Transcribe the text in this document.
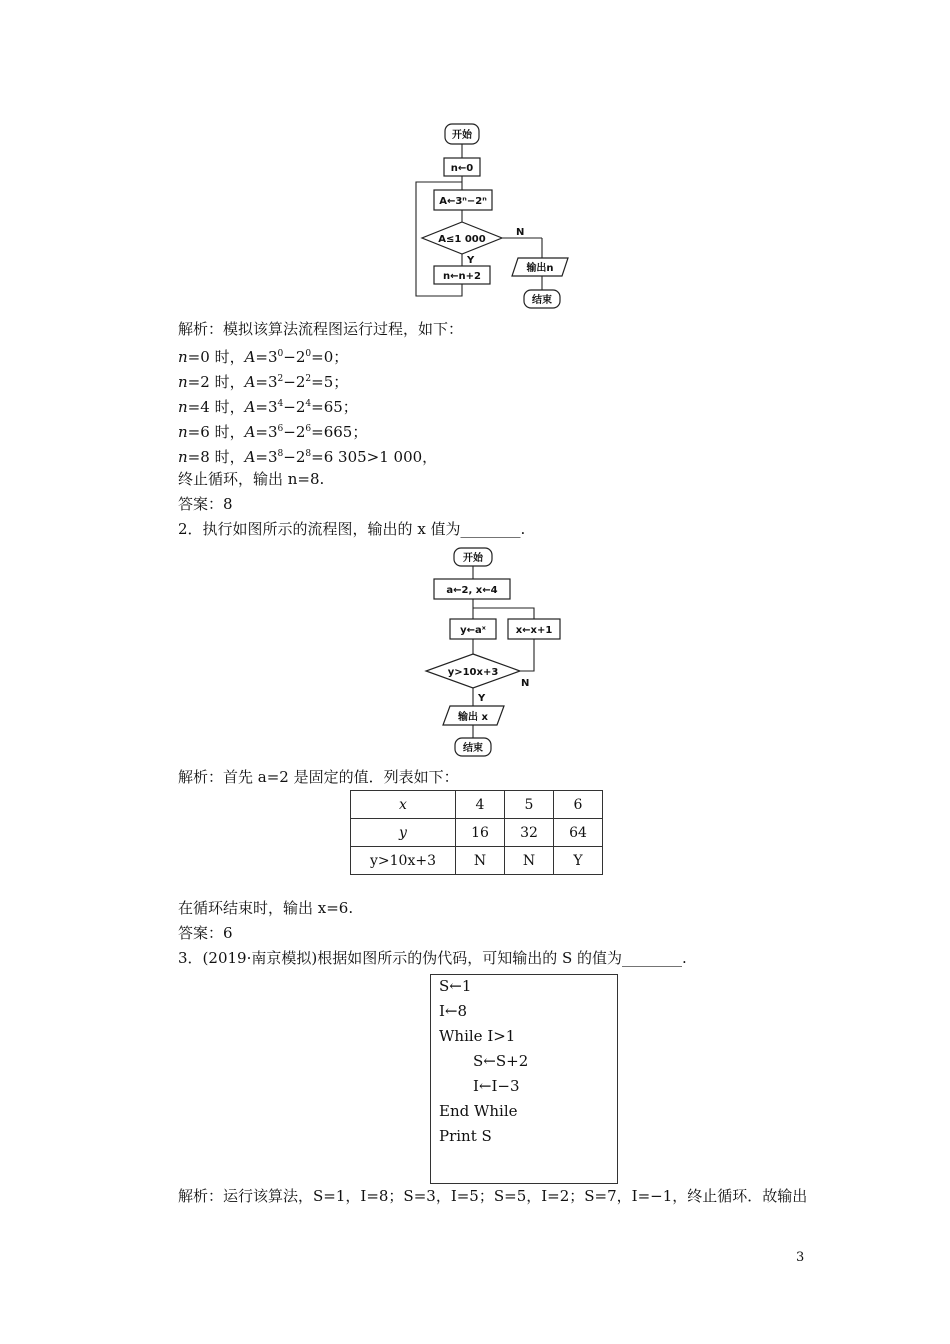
开始
n←0
A←3ⁿ−2ⁿ
A≤1 000
N
Y
n←n+2
输出n
结束
解析：模拟该算法流程图运行过程，如下：
n=0 时，$A=3^0-2^0=0$；
n=2 时，$A=3^2-2^2=5$；
n=4 时，$A=3^4-2^4=65$；
n=6 时，$A=3^6-2^6=665$；
n=8 时，$A=3^8-2^8=6$ 305>1 000，
终止循环，输出 n=8.
答案：8
2．执行如图所示的流程图，输出的 x 值为________.
开始
a←2, x←4
y←aˣ	x←x+1
y>10x+3
N
Y
输出 x
结束
解析：首先 a=2 是固定的值．列表如下：
x	4	5	6
y	16	32	64
y>10x+3	N	N	Y
在循环结束时，输出 x=6.
答案：6
3．(2019·南京模拟)根据如图所示的伪代码，可知输出的 S 的值为________.
S←1
I←8
While I>1
S←S+2
I←I−3
End While
Print S
解析：运行该算法，S=1，I=8；S=3，I=5；S=5，I=2；S=7，I=−1，终止循环．故输出
3
